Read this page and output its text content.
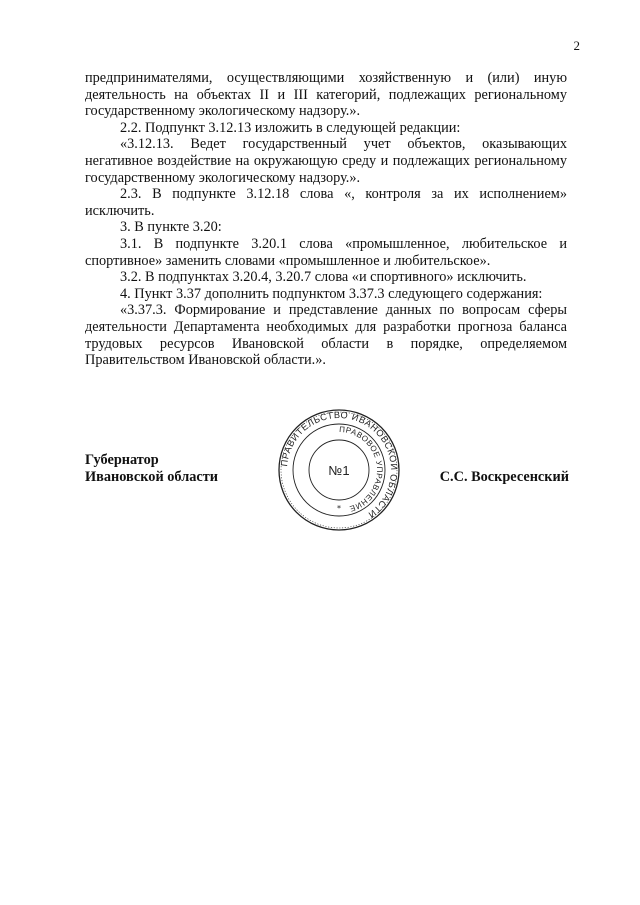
2

предпринимателями, осуществляющими хозяйственную и (или) иную деятельность на объектах II и III категорий, подлежащих региональному государственному экологическому надзору.».

2.2. Подпункт 3.12.13 изложить в следующей редакции:

«3.12.13. Ведет государственный учет объектов, оказывающих негативное воздействие на окружающую среду и подлежащих региональному государственному экологическому надзору.».

2.3. В подпункте 3.12.18 слова «, контроля за их исполнением» исключить.

3. В пункте 3.20:

3.1. В подпункте 3.20.1 слова «промышленное, любительское и спортивное» заменить словами «промышленное и любительское».

3.2. В подпунктах 3.20.4, 3.20.7 слова «и спортивного» исключить.

4. Пункт 3.37 дополнить подпунктом 3.37.3 следующего содержания:

«3.37.3. Формирование и представление данных по вопросам сферы деятельности Департамента необходимых для разработки прогноза баланса трудовых ресурсов Ивановской области в порядке, определяемом Правительством Ивановской области.».

Губернатор
Ивановской области	С.С. Воскресенский
ПРАВИТЕЛЬСТВО ИВАНОВСКОЙ ОБЛАСТИ
ПРАВОВОЕ УПРАВЛЕНИЕ
№1
*
